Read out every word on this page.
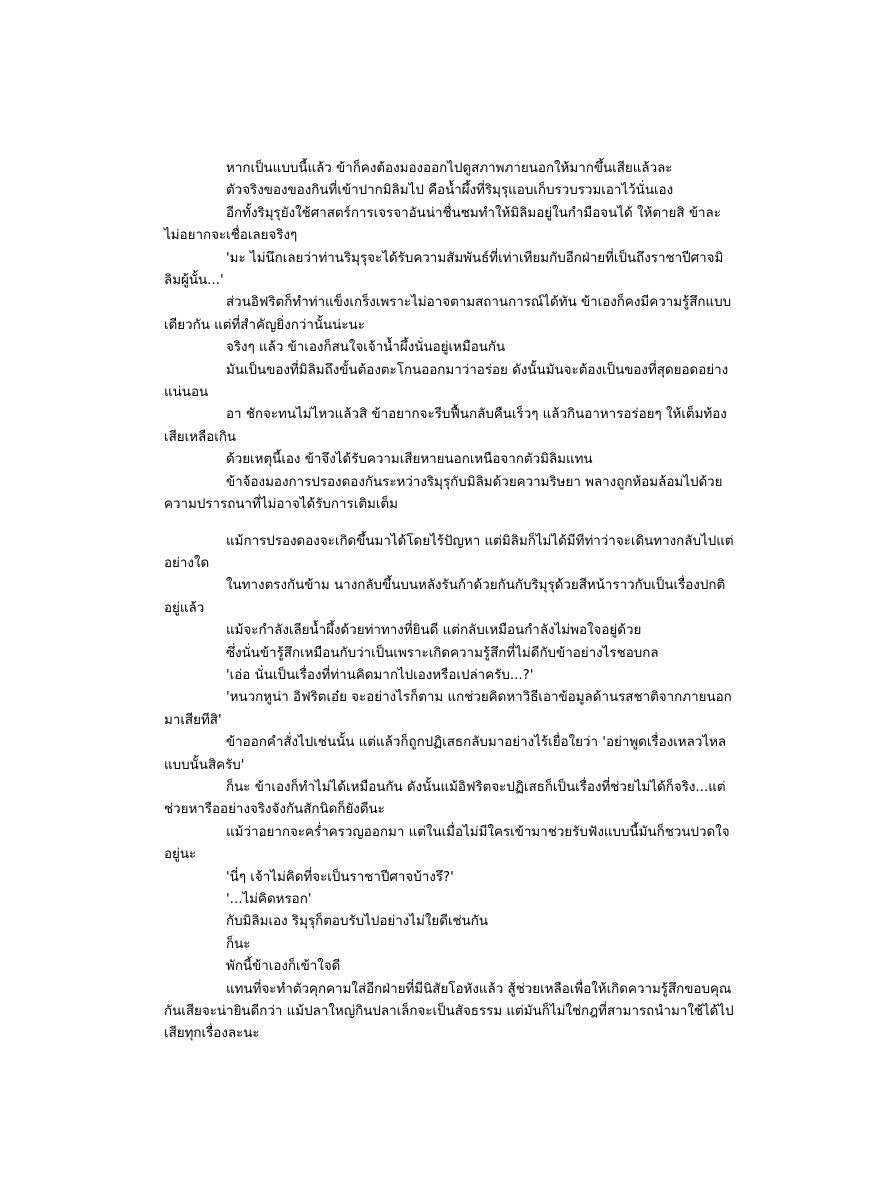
หากเป็นแบบนี้แล้ว ข้าก็คงต้องมองออกไปดูสภาพภายนอกให้มากขึ้นเสียแล้วละ

ตัวจริงของของกินที่เข้าปากมิลิมไป คือน้ำผึ้งที่ริมุรุแอบเก็บรวบรวมเอาไว้นั่นเอง

อีกทั้งริมุรุยังใช้ศาสตร์การเจรจาอันน่าชื่นชมทำให้มิลิมอยู่ในกำมือจนได้ ให้ตายสิ ข้าละไม่อยากจะเชื่อเลยจริงๆ

'มะ ไม่นึกเลยว่าท่านริมุรุจะได้รับความสัมพันธ์ที่เท่าเทียมกับอีกฝ่ายที่เป็นถึงราชาปีศาจมิลิมผู้นั้น...'

ส่วนอิฟริตก็ทำท่าแข็งเกร็งเพราะไม่อาจตามสถานการณ์ได้ทัน ข้าเองก็คงมีความรู้สึกแบบเดียวกัน แต่ที่สำคัญยิ่งกว่านั้นน่ะนะ

จริงๆ แล้ว ข้าเองก็สนใจเจ้าน้ำผึ้งนั่นอยู่เหมือนกัน

มันเป็นของที่มิลิมถึงขั้นต้องตะโกนออกมาว่าอร่อย ดังนั้นมันจะต้องเป็นของที่สุดยอดอย่างแน่นอน

อา ชักจะทนไม่ไหวแล้วสิ ข้าอยากจะรีบฟื้นกลับคืนเร็วๆ แล้วกินอาหารอร่อยๆ ให้เต็มท้องเสียเหลือเกิน

ด้วยเหตุนี้เอง ข้าจึงได้รับความเสียหายนอกเหนือจากตัวมิลิมแทน

ข้าจ้องมองการปรองดองกันระหว่างริมุรุกับมิลิมด้วยความริษยา พลางถูกห้อมล้อมไปด้วยความปรารถนาที่ไม่อาจได้รับการเติมเต็ม

แม้การปรองดองจะเกิดขึ้นมาได้โดยไร้ปัญหา แต่มิลิมก็ไม่ได้มีทีท่าว่าจะเดินทางกลับไปแต่อย่างใด

ในทางตรงกันข้าม นางกลับขึ้นบนหลังรันก้าด้วยกันกับริมุรุด้วยสีหน้าราวกับเป็นเรื่องปกติอยู่แล้ว

แม้จะกำลังเลียน้ำผึ้งด้วยท่าทางที่ยินดี แต่กลับเหมือนกำลังไม่พอใจอยู่ด้วย

ซึ่งนั่นข้ารู้สึกเหมือนกับว่าเป็นเพราะเกิดความรู้สึกที่ไม่ดีกับข้าอย่างไรชอบกล

'เอ่อ นั่นเป็นเรื่องที่ท่านคิดมากไปเองหรือเปล่าครับ...?'

'หนวกหูน่า อิฟริตเอ๋ย จะอย่างไรก็ตาม แกช่วยคิดหาวิธีเอาข้อมูลด้านรสชาติจากภายนอกมาเสียทีสิ'

ข้าออกคำสั่งไปเช่นนั้น แต่แล้วก็ถูกปฏิเสธกลับมาอย่างไร้เยื่อใยว่า 'อย่าพูดเรื่องเหลวไหลแบบนั้นสิครับ'

ก็นะ ข้าเองก็ทำไม่ได้เหมือนกัน ดังนั้นแม้อิฟริตจะปฏิเสธก็เป็นเรื่องที่ช่วยไม่ได้ก็จริง...แต่ช่วยหารืออย่างจริงจังกันสักนิดก็ยังดีนะ

แม้ว่าอยากจะคร่ำครวญออกมา แต่ในเมื่อไม่มีใครเข้ามาช่วยรับฟังแบบนี้มันก็ชวนปวดใจอยู่นะ

'นี่ๆ เจ้าไม่คิดที่จะเป็นราชาปีศาจบ้างรึ?'

'...ไม่คิดหรอก'

กับมิลิมเอง ริมุรุก็ตอบรับไปอย่างไม่ใยดีเช่นกัน

ก็นะ

พักนี้ข้าเองก็เข้าใจดี

แทนที่จะทำตัวคุกคามใส่อีกฝ่ายที่มีนิสัยโอหังแล้ว สู้ช่วยเหลือเพื่อให้เกิดความรู้สึกขอบคุณกันเสียจะน่ายินดีกว่า แม้ปลาใหญ่กินปลาเล็กจะเป็นสัจธรรม แต่มันก็ไม่ใช่กฎที่สามารถนำมาใช้ได้ไปเสียทุกเรื่องละนะ
